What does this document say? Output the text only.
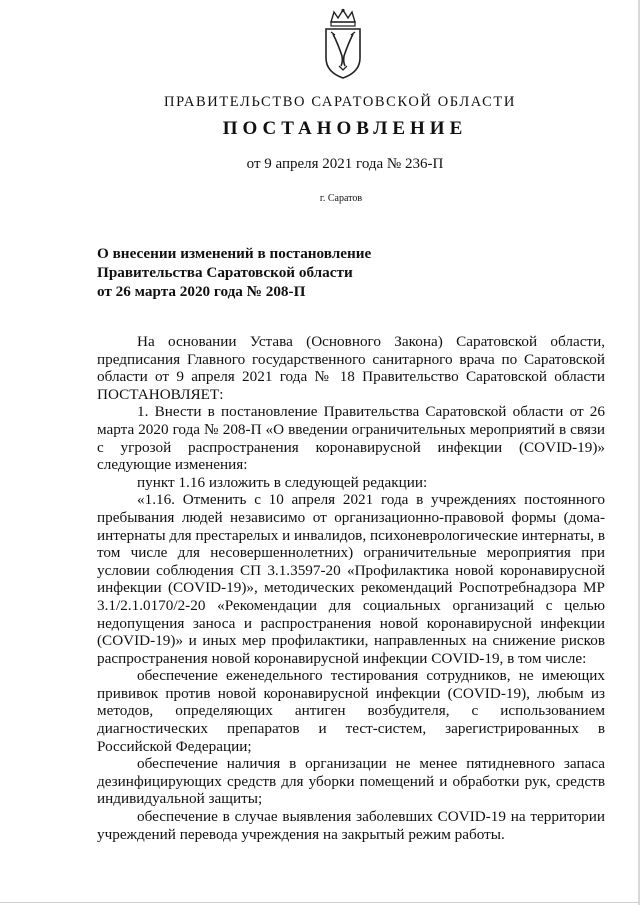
ПРАВИТЕЛЬСТВО САРАТОВСКОЙ ОБЛАСТИ
ПОСТАНОВЛЕНИЕ
от 9 апреля 2021 года № 236-П
г. Саратов
О внесении изменений в постановление
Правительства Саратовской области
от 26 марта 2020 года № 208-П

На основании Устава (Основного Закона) Саратовской области, предписания Главного государственного санитарного врача по Саратовской области от 9 апреля 2021 года № 18 Правительство Саратовской области ПОСТАНОВЛЯЕТ:

1. Внести в постановление Правительства Саратовской области от 26 марта 2020 года № 208-П «О введении ограничительных мероприятий в связи с угрозой распространения коронавирусной инфекции (COVID-19)» следующие изменения:

пункт 1.16 изложить в следующей редакции:

«1.16. Отменить с 10 апреля 2021 года в учреждениях постоянного пребывания людей независимо от организационно-правовой формы (дома-интернаты для престарелых и инвалидов, психоневрологические интернаты, в том числе для несовершеннолетних) ограничительные мероприятия при условии соблюдения СП 3.1.3597-20 «Профилактика новой коронавирусной инфекции (COVID-19)», методических рекомендаций Роспотребнадзора МР 3.1/2.1.0170/2-20 «Рекомендации для социальных организаций с целью недопущения заноса и распространения новой коронавирусной инфекции (COVID-19)» и иных мер профилактики, направленных на снижение рисков распространения новой коронавирусной инфекции COVID-19, в том числе:

обеспечение еженедельного тестирования сотрудников, не имеющих прививок против новой коронавирусной инфекции (COVID-19), любым из методов, определяющих антиген возбудителя, с использованием диагностических препаратов и тест-систем, зарегистрированных в Российской Федерации;

обеспечение наличия в организации не менее пятидневного запаса дезинфицирующих средств для уборки помещений и обработки рук, средств индивидуальной защиты;

обеспечение в случае выявления заболевших COVID-19 на территории учреждений перевода учреждения на закрытый режим работы.
